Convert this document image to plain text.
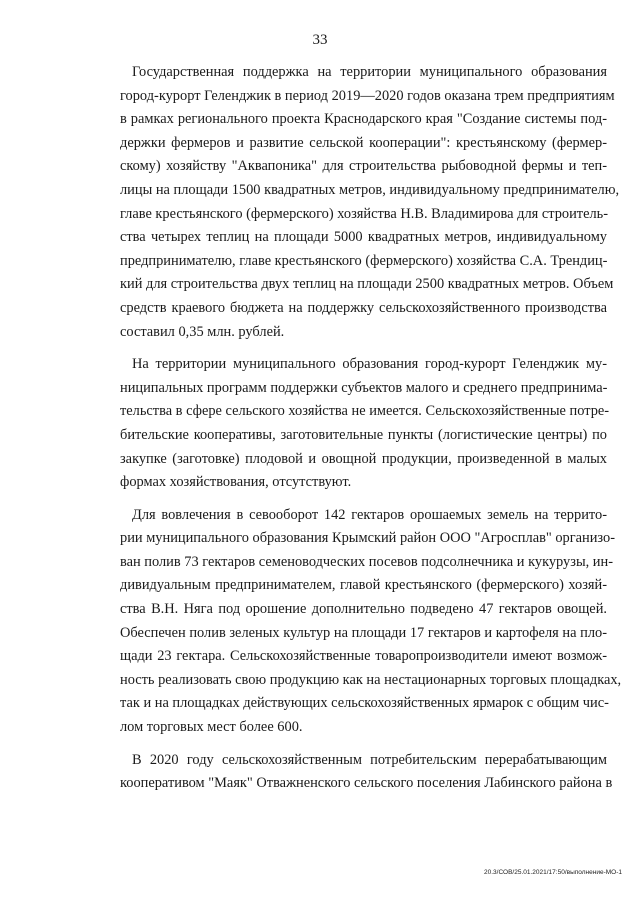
33

Государственная поддержка на территории муниципального образования
город-курорт Геленджик в период 2019—2020 годов оказана трем предприятиям
в рамках регионального проекта Краснодарского края "Создание системы под-
держки фермеров и развитие сельской кооперации": крестьянскому (фермер-
скому) хозяйству "Аквапоника" для строительства рыбоводной фермы и теп-
лицы на площади 1500 квадратных метров, индивидуальному предпринимателю,
главе крестьянского (фермерского) хозяйства Н.В. Владимирова для строитель-
ства четырех теплиц на площади 5000 квадратных метров, индивидуальному
предпринимателю, главе крестьянского (фермерского) хозяйства С.А. Трендиц-
кий для строительства двух теплиц на площади 2500 квадратных метров. Объем
средств краевого бюджета на поддержку сельскохозяйственного производства
составил 0,35 млн. рублей.

На территории муниципального образования город-курорт Геленджик му-
ниципальных программ поддержки субъектов малого и среднего предпринима-
тельства в сфере сельского хозяйства не имеется. Сельскохозяйственные потре-
бительские кооперативы, заготовительные пункты (логистические центры) по
закупке (заготовке) плодовой и овощной продукции, произведенной в малых
формах хозяйствования, отсутствуют.

Для вовлечения в севооборот 142 гектаров орошаемых земель на террито-
рии муниципального образования Крымский район ООО "Агросплав" организо-
ван полив 73 гектаров семеноводческих посевов подсолнечника и кукурузы, ин-
дивидуальным предпринимателем, главой крестьянского (фермерского) хозяй-
ства В.Н. Няга под орошение дополнительно подведено 47 гектаров овощей.
Обеспечен полив зеленых культур на площади 17 гектаров и картофеля на пло-
щади 23 гектара. Сельскохозяйственные товаропроизводители имеют возмож-
ность реализовать свою продукцию как на нестационарных торговых площадках,
так и на площадках действующих сельскохозяйственных ярмарок с общим чис-
лом торговых мест более 600.

В 2020 году сельскохозяйственным потребительским перерабатывающим
кооперативом "Маяк" Отважненского сельского поселения Лабинского района в

20.3/СОВ/25.01.2021/17:50/выполнение-МО-1
